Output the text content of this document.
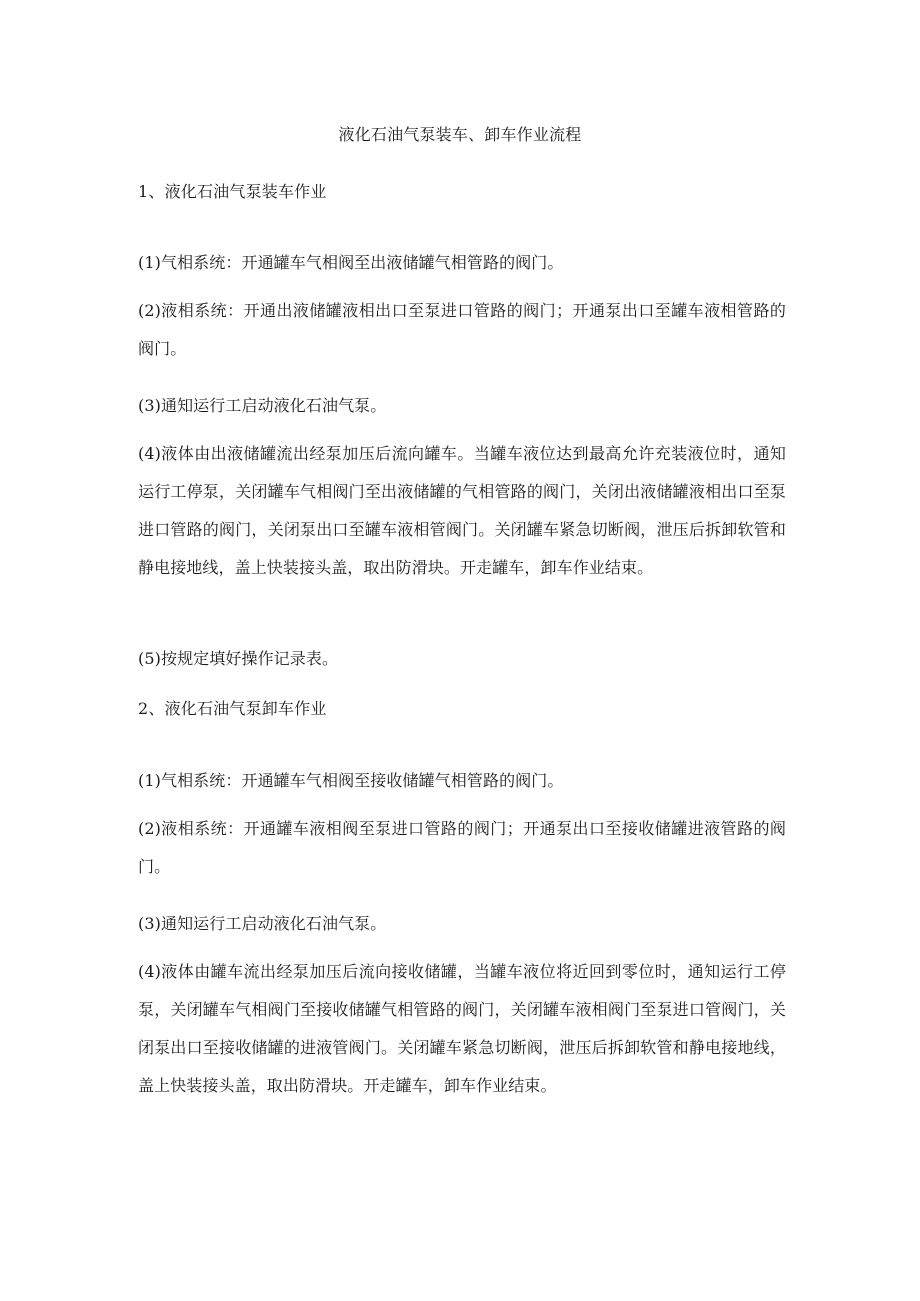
液化石油气泵装车、卸车作业流程
1、液化石油气泵装车作业
(1)气相系统：开通罐车气相阀至出液储罐气相管路的阀门。
(2)液相系统：开通出液储罐液相出口至泵进口管路的阀门；开通泵出口至罐车液相管路的阀门。
(3)通知运行工启动液化石油气泵。
(4)液体由出液储罐流出经泵加压后流向罐车。当罐车液位达到最高允许充装液位时，通知运行工停泵，关闭罐车气相阀门至出液储罐的气相管路的阀门，关闭出液储罐液相出口至泵进口管路的阀门，关闭泵出口至罐车液相管阀门。关闭罐车紧急切断阀，泄压后拆卸软管和静电接地线，盖上快装接头盖，取出防滑块。开走罐车，卸车作业结束。
(5)按规定填好操作记录表。
2、液化石油气泵卸车作业
(1)气相系统：开通罐车气相阀至接收储罐气相管路的阀门。
(2)液相系统：开通罐车液相阀至泵进口管路的阀门；开通泵出口至接收储罐进液管路的阀门。
(3)通知运行工启动液化石油气泵。
(4)液体由罐车流出经泵加压后流向接收储罐，当罐车液位将近回到零位时，通知运行工停泵，关闭罐车气相阀门至接收储罐气相管路的阀门，关闭罐车液相阀门至泵进口管阀门，关闭泵出口至接收储罐的进液管阀门。关闭罐车紧急切断阀，泄压后拆卸软管和静电接地线，盖上快装接头盖，取出防滑块。开走罐车，卸车作业结束。
